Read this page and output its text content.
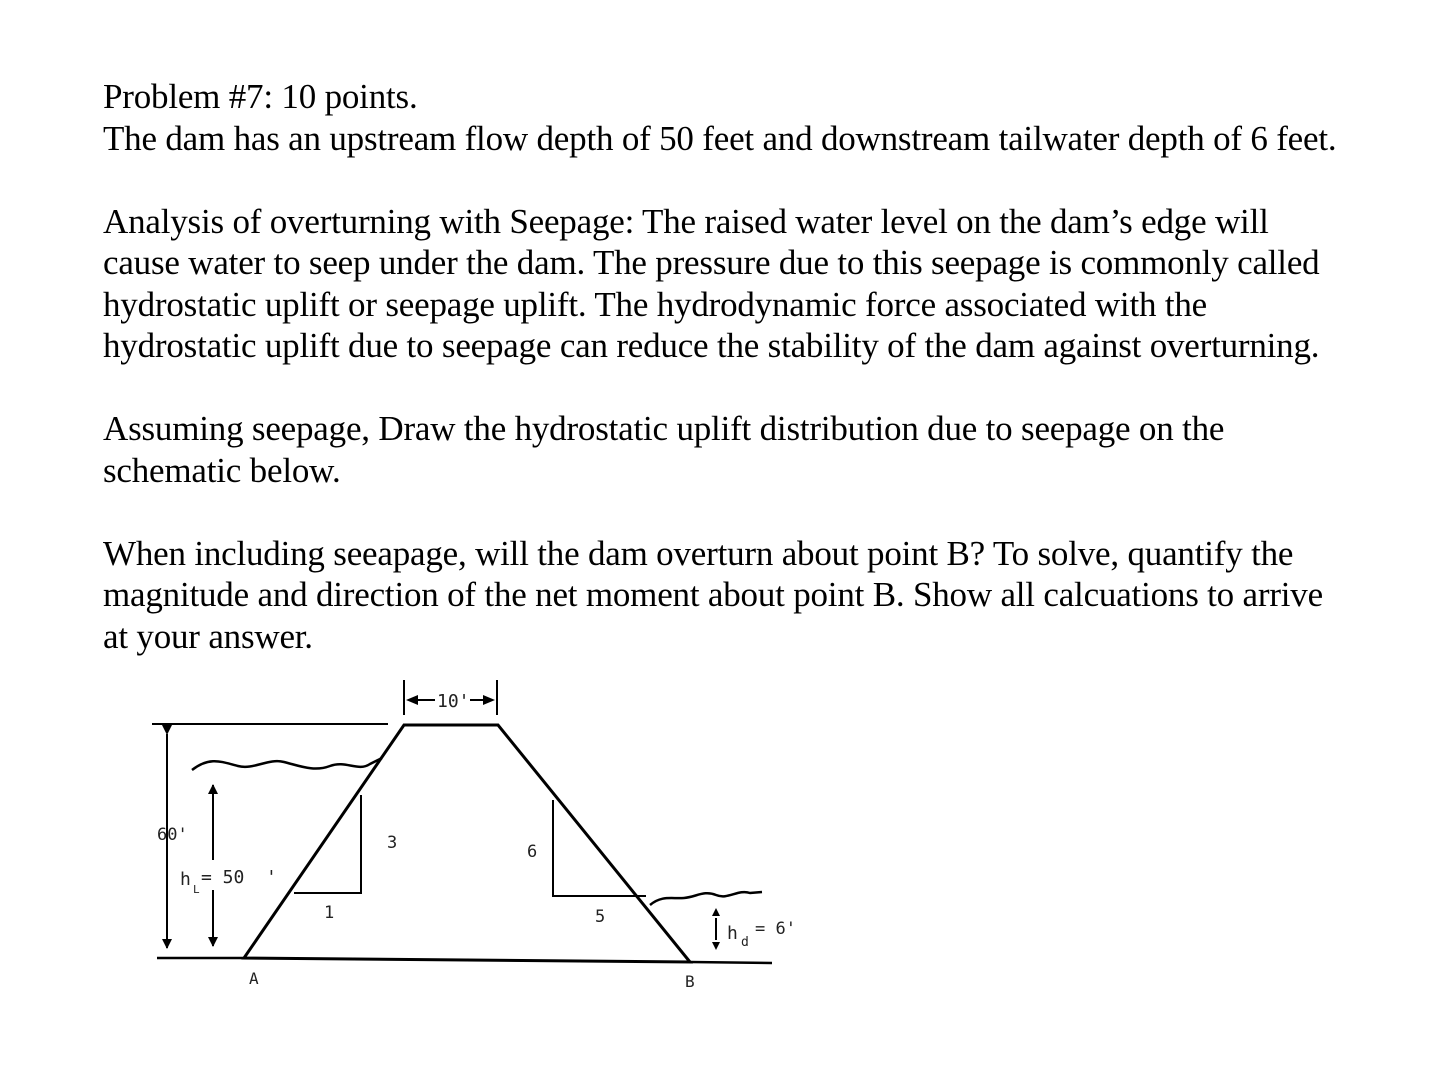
Problem #7: 10 points.

The dam has an upstream flow depth of 50 feet and downstream tailwater depth of 6 feet.

Analysis of overturning with Seepage: The raised water level on the dam’s edge will

cause water to seep under the dam. The pressure due to this seepage is commonly called

hydrostatic uplift or seepage uplift. The hydrodynamic force associated with the

hydrostatic uplift due to seepage can reduce the stability of the dam against overturning.

Assuming seepage, Draw the hydrostatic uplift distribution due to seepage on the

schematic below.

When including seeapage, will the dam overturn about point B? To solve, quantify the

magnitude and direction of the net moment about point B. Show all calcuations to arrive

at your answer.

10'
60'
h L
= 50  '
h d
= 6'
3
1
6
5
A	B
